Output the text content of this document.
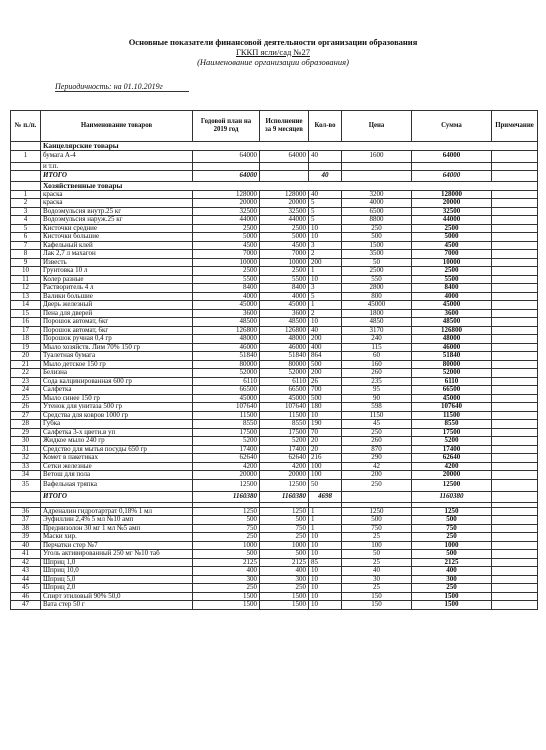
Основные показатели финансовой деятельности организации образования
ГККП ясли/сад №27
(Наименование организации образования)
Периодичность: на 01.10.2019г
№ п./п.	Наименование товаров	Годовой план на 2019 год	Исполнение за 9 месяцев	Кол-во	Цена	Сумма	Примечание
	Канцелярские товары						
1	бумага А-4	64000	64000	40	1600	64000	
	и т.п.						
	ИТОГО	64000		40		64000	
	Хозяйственные товары						
1	краска	128000	128000	40	3200	128000	
2	краска	20000	20000	5	4000	20000	
3	Водоэмульсия внутр.25 кг	32500	32500	5	6500	32500	
4	Водоэмульсия наруж.25 кг	44000	44000	5	8800	44000	
5	Кисточки средние	2500	2500	10	250	2500	
6	Кисточки большие	5000	5000	10	500	5000	
7	Кафельный клей	4500	4500	3	1500	4500	
8	Лак 2,7 л махагон	7000	7000	2	3500	7000	
9	Известь	10000	10000	200	50	10000	
10	Грунтовка 10 л	2500	2500	1	2500	2500	
11	Колер разные	5500	5500	10	550	5500	
12	Растворитель 4 л	8400	8400	3	2800	8400	
13	Валики большие	4000	4000	5	800	4000	
14	Дверь железный	45000	45000	1	45000	45000	
15	Пена для дверей	3600	3600	2	1800	3600	
16	Порошок автомат, 6кг	48500	48500	10	4850	48500	
17	Порошок автомат, 6кг	126800	126800	40	3170	126800	
18	Порошок ручная 0,4 гр	48000	48000	200	240	48000	
19	Мыло хозяйств. Лим 70% 150 гр	46000	46000	400	115	46000	
20	Туалетная бумага	51840	51840	864	60	51840	
21	Мыло детское 150 гр	80000	80000	500	160	80000	
22	Белизна	52000	52000	200	260	52000	
23	Сода калцинированная 600 гр	6110	6110	26	235	6110	
24	Салфетка	66500	66500	700	95	66500	
25	Мыло синее 150 гр	45000	45000	500	90	45000	
26	Утенок для унитаза 500 гр	107640	107640	180	598	107640	
27	Средства для ковров 1000 гр	11500	11500	10	1150	11500	
28	Губка	8550	8550	190	45	8550	
29	Салфетка 3-х цвети.в уп	17500	17500	70	250	17500	
30	Жидкое мыло 240 гр	5200	5200	20	260	5200	
31	Средство для мытья посуды 650 гр	17400	17400	20	870	17400	
32	Комет в пакетиках	62640	62640	216	290	62640	
33	Сетки железные	4200	4200	100	42	4200	
34	Ветош для пола	20000	20000	100	200	20000	
35	Вафельная тряпка	12500	12500	50	250	12500	
	ИТОГО	1160380	1160380	4698		1160380	

36	Адреналин гидротартрат 0,18% 1 мл	1250	1250	1	1250	1250	
37	Эуфиллин 2,4% 5 мл №10 амп	500	500	1	500	500	
38	Преднизолон 30 мг 1 мл №5 амп	750	750	1	750	750	
39	Маски хир.	250	250	10	25	250	
40	Перчатки стер №7	1000	1000	10	100	1000	
41	Уголь активированный 250 мг №10 таб	500	500	10	50	500	
42	Шприц 1,0	2125	2125	85	25	2125	
43	Шприц 10,0	400	400	10	40	400	
44	Шприц 5,0	300	300	10	30	300	
45	Шприц 2,0	250	250	10	25	250	
46	Спирт этиловый 90% 50,0	1500	1500	10	150	1500	
47	Вата стер 50 г	1500	1500	10	150	1500	
